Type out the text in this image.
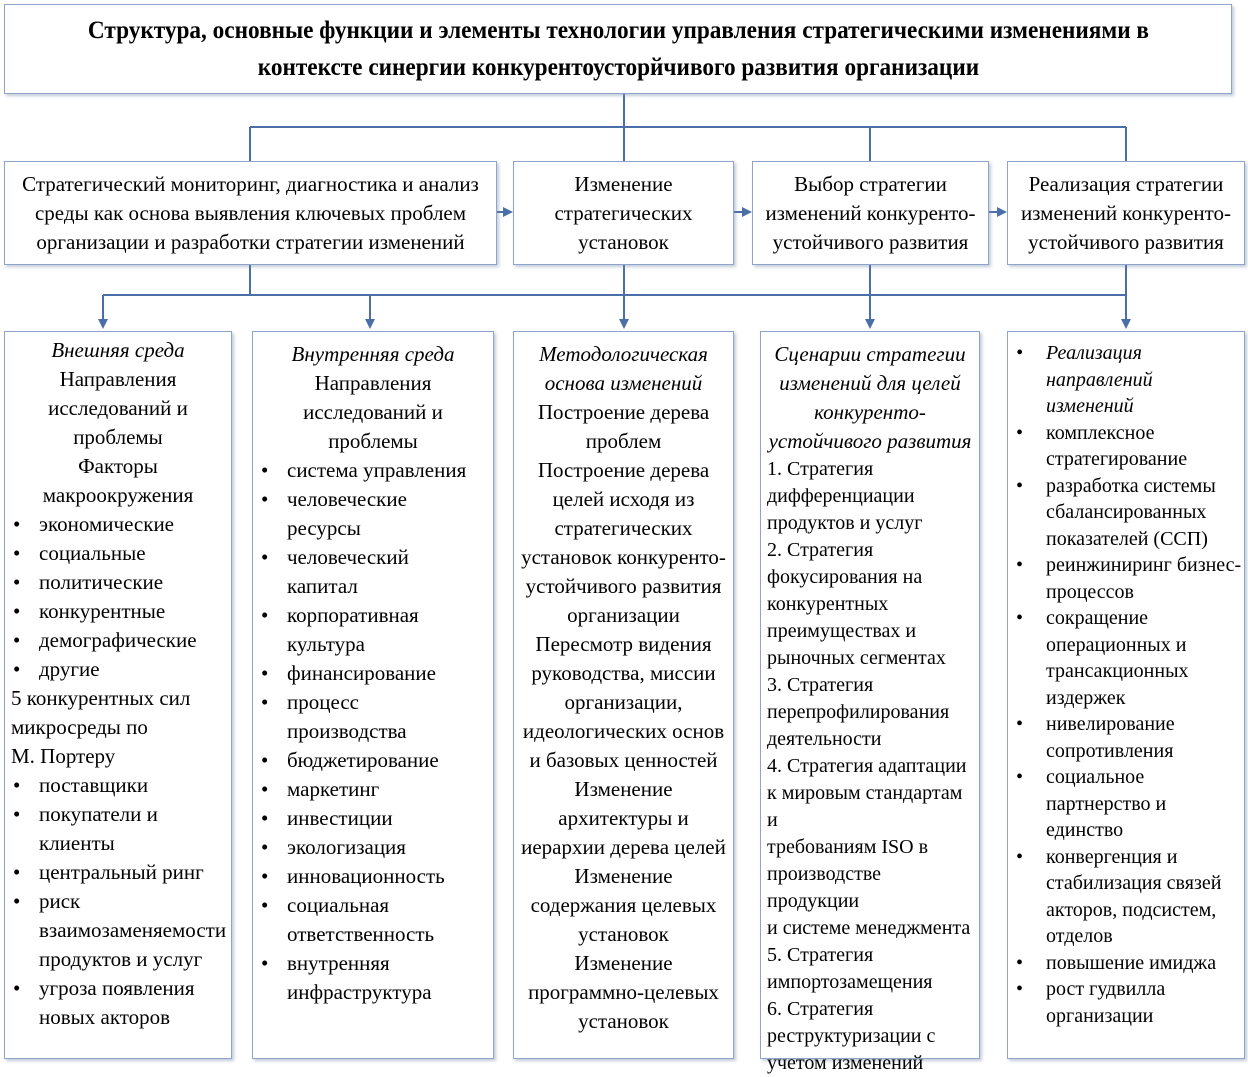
Структура, основные функции и элементы технологии управления стратегическими изменениями в
контексте синергии конкурентоусторйчивого развития организации
Стратегический мониторинг, диагностика и анализ
среды как основа выявления ключевых проблем
организации и разработки стратегии изменений
Изменение
стратегических
установок
Выбор стратегии
изменений конкуренто-
устойчивого развития
Реализация стратегии
изменений конкуренто-
устойчивого развития
Внешняя среда
Направления
исследований и
проблемы
Факторы
макроокружения
• экономические
• социальные
• политические
• конкурентные
• демографические
• другие
5 конкурентных сил
микросреды по
М. Портеру
• поставщики
• покупатели и
клиенты
• центральный ринг
• риск
взаимозаменяемости
продуктов и услуг
• угроза появления
новых акторов
Внутренняя среда
Направления
исследований и
проблемы
• система управления
• человеческие
ресурсы
• человеческий
капитал
• корпоративная
культура
• финансирование
• процесс
производства
• бюджетирование
• маркетинг
• инвестиции
• экологизация
• инновационность
• социальная
ответственность
• внутренняя
инфраструктура
Методологическая
основа изменений
Построение дерева
проблем
Построение дерева
целей исходя из
стратегических
установок конкуренто-
устойчивого развития
организации
Пересмотр видения
руководства, миссии
организации,
идеологических основ
и базовых ценностей
Изменение
архитектуры и
иерархии дерева целей
Изменение
содержания целевых
установок
Изменение
программно-целевых
установок
Сценарии стратегии
изменений для целей
конкуренто-
устойчивого развития
1. Стратегия
дифференциации
продуктов и услуг
2. Стратегия
фокусирования на
конкурентных
преимуществах и
рыночных сегментах
3. Стратегия
перепрофилирования
деятельности
4. Стратегия адаптации
к мировым стандартам и
требованиям ISO в
производстве продукции
и системе менеджмента
5. Стратегия
импортозамещения
6. Стратегия
реструктуризации с
учетом изменений
• Реализация
направлений
изменений
• комплексное
стратегирование
• разработка системы
сбалансированных
показателей (ССП)
• реинжиниринг бизнес-
процессов
• сокращение
операционных и
трансакционных
издержек
• нивелирование
сопротивления
• социальное
партнерство и единство
• конвергенция и
стабилизация связей
акторов, подсистем,
отделов
• повышение имиджа
• рост гудвилла
организации
